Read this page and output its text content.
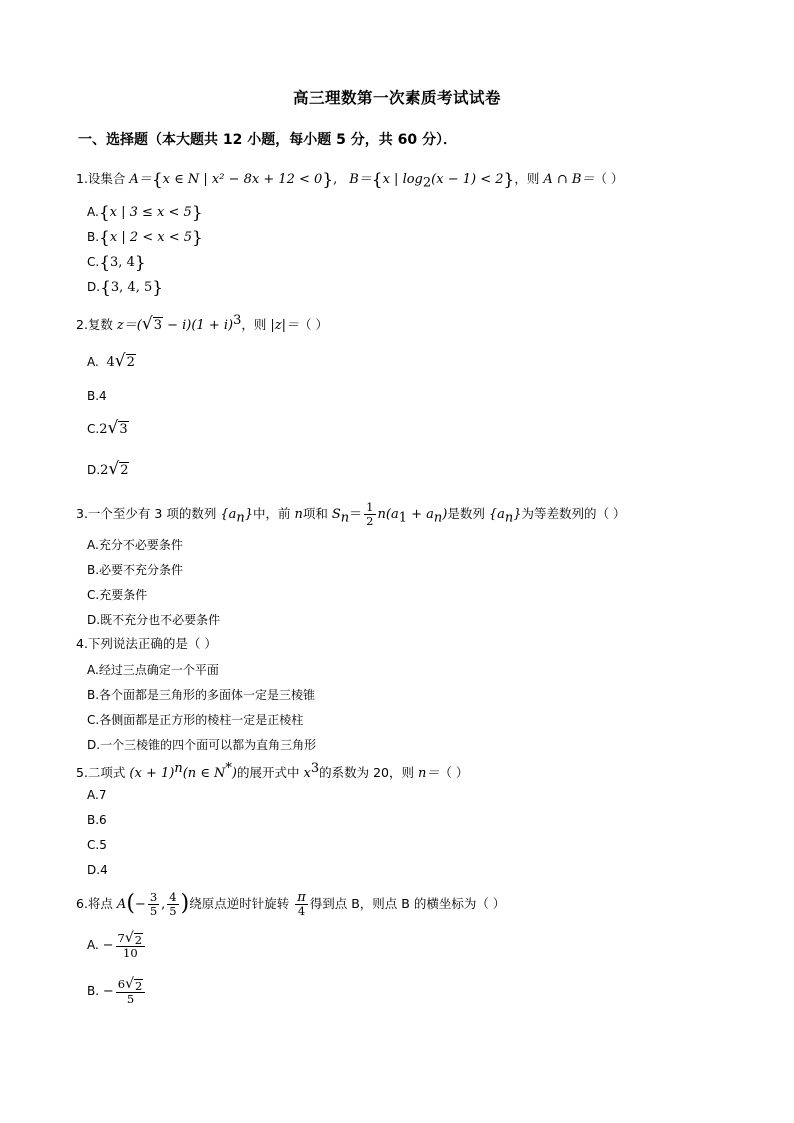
高三理数第一次素质考试试卷
一、选择题（本大题共 12 小题，每小题 5 分，共 60 分）．
1.设集合 A＝{x ∈ N | x² − 8x + 12 < 0}, B＝{x | $\log_2(x - 1) < 2$}，则 A ∩ B＝（ ）
A.{x | 3 ≤ x < 5}
B.{x | 2 < x < 5}
C.{3, 4}
D.{3, 4, 5}
2.复数 z＝( √ $3 - i)(1 + i)^3$，则 |z|＝（ ）
A. 4 √ 2
B.4
C.2 √ 3
D.2 √ 2
3.一个至少有 3 项的数列 $\{a_n\}$中，前 n项和 $S_n= \frac{1}{2} n(a_1 + a_n)$是数列 $\{a_n\}$为等差数列的（ ）
A.充分不必要条件
B.必要不充分条件
C.充要条件
D.既不充分也不必要条件
4.下列说法正确的是（ ）
A.经过三点确定一个平面
B.各个面都是三角形的多面体一定是三棱锥
C.各侧面都是正方形的棱柱一定是正棱柱
D.一个三棱锥的四个面可以都为直角三角形
5.二项式 $(x + 1)^n(n$ ∈ N*)的展开式中 $x^3$的系数为 20，则 n＝（ ）
A.7
B.6
C.5
D.4
6.将点 $A(- \frac{3}{5}$ , $\frac{4}{5}$ )绕原点逆时针旋转 $\frac{\pi}{4}$ 得到点 B，则点 B 的横坐标为（ ）
A. − $\frac{7 √ 2}{10}$
B. − $\frac{6 √ 2}{5}$
